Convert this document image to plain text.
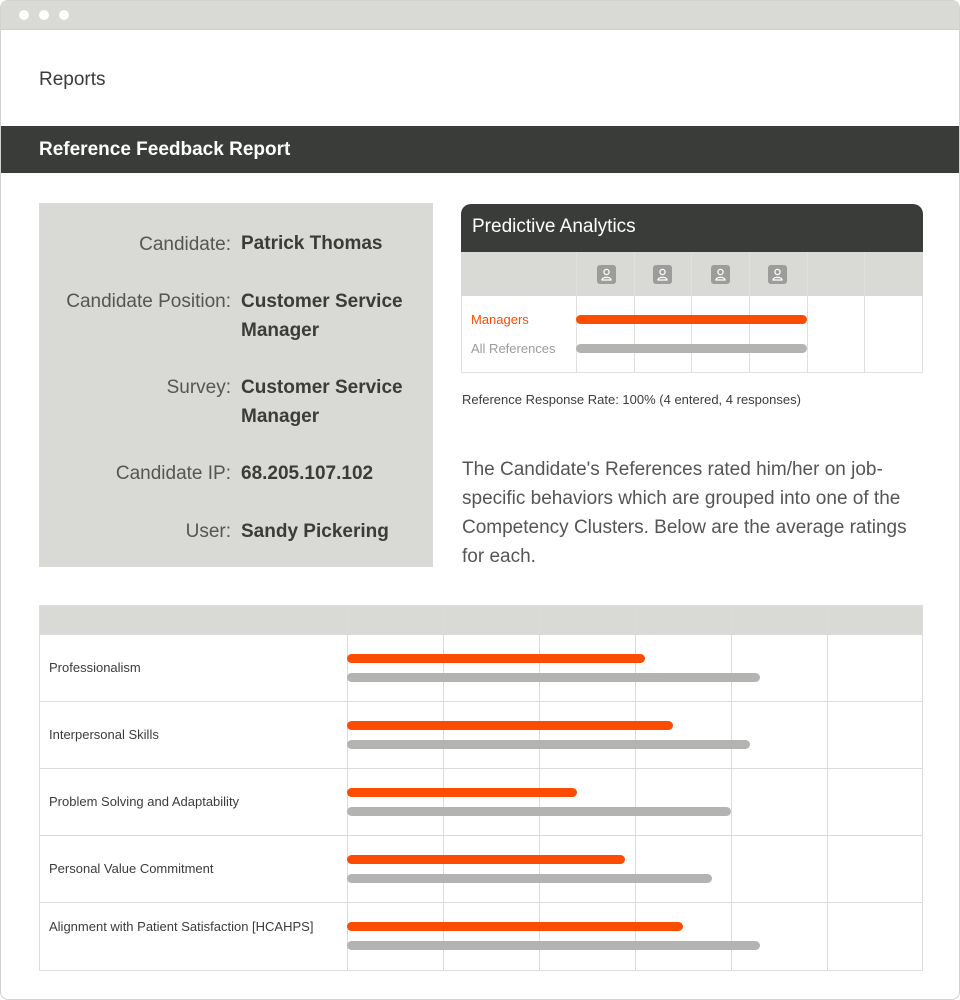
Reports
Reference Feedback Report
Candidate: Patrick Thomas
Candidate Position: Customer Service Manager
Survey: Customer Service Manager
Candidate IP: 68.205.107.102
User: Sandy Pickering
Predictive Analytics
Managers
All References
Reference Response Rate: 100% (4 entered, 4 responses)
The Candidate's References rated him/her on job-specific behaviors which are grouped into one of the Competency Clusters. Below are the average ratings for each.
Professionalism
Interpersonal Skills
Problem Solving and Adaptability
Personal Value Commitment
Alignment with Patient Satisfaction [HCAHPS]
